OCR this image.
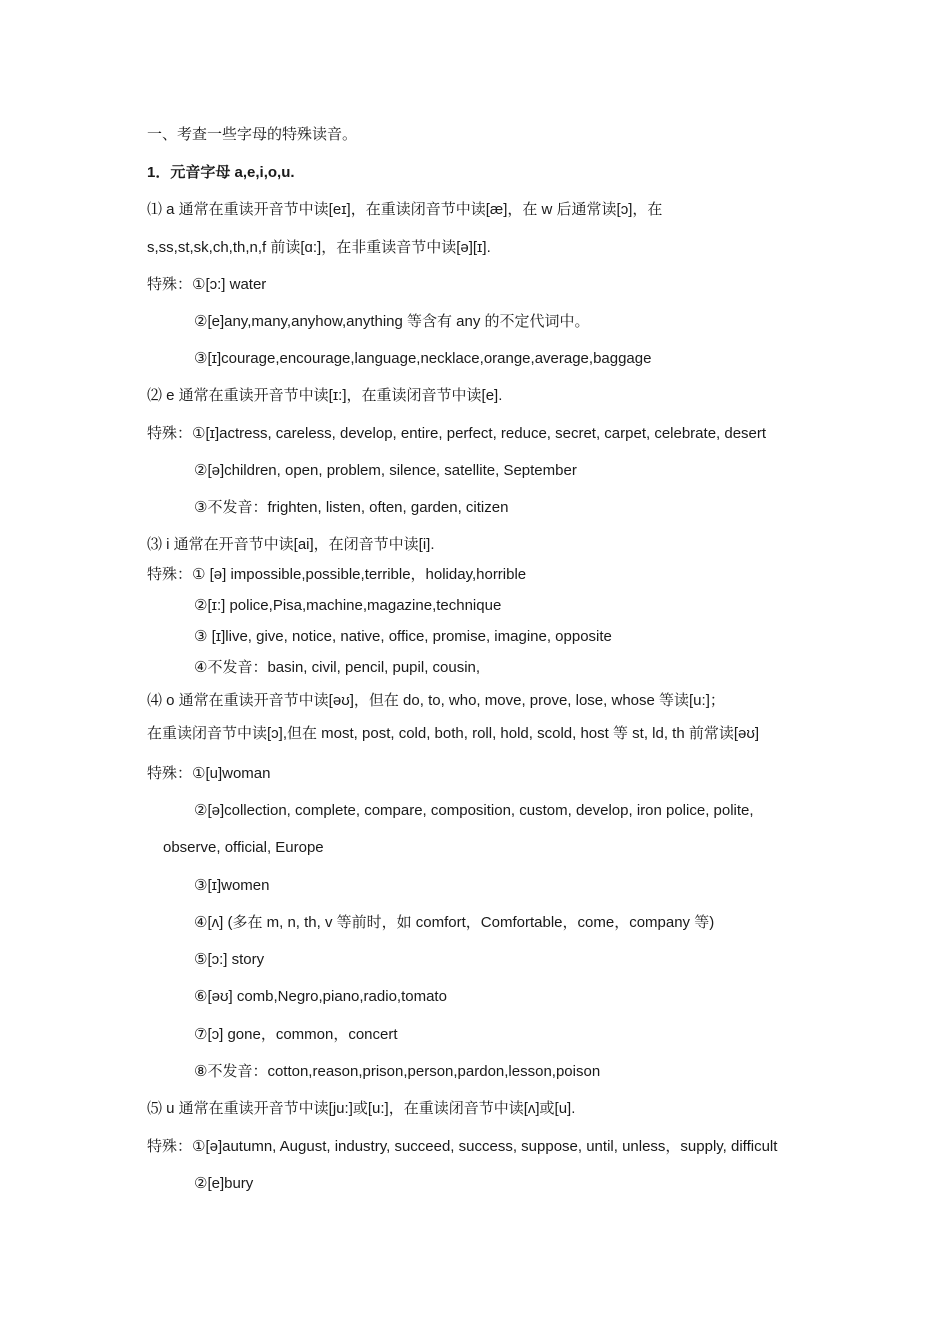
一、考查一些字母的特殊读音。
1．元音字母 a,e,i,o,u.
⑴ a 通常在重读开音节中读[eɪ]，在重读闭音节中读[æ]，在 w 后通常读[ɔ]，在
s,ss,st,sk,ch,th,n,f 前读[ɑ:]，在非重读音节中读[ə][ɪ].
特殊：①[ɔ:] water
②[e]any,many,anyhow,anything 等含有 any 的不定代词中。
③[ɪ]courage,encourage,language,necklace,orange,average,baggage
⑵ e 通常在重读开音节中读[ɪ:]，在重读闭音节中读[e].
特殊：①[ɪ]actress, careless, develop, entire, perfect, reduce, secret, carpet, celebrate, desert
②[ə]children, open, problem, silence, satellite, September
③不发音：frighten, listen, often, garden, citizen
⑶ i 通常在开音节中读[ai]，在闭音节中读[i].
特殊：① [ə] impossible,possible,terrible，holiday,horrible
②[ɪ:] police,Pisa,machine,magazine,technique
③ [ɪ]live, give, notice, native, office, promise, imagine, opposite
④不发音：basin, civil, pencil, pupil, cousin,
⑷ o 通常在重读开音节中读[əʊ]，但在 do, to, who, move, prove, lose, whose 等读[u:]；
在重读闭音节中读[ɔ],但在 most, post, cold, both, roll, hold, scold, host 等 st, ld, th 前常读[əʊ]
特殊：①[u]woman
②[ə]collection, complete, compare, composition, custom, develop, iron police, polite,
observe, official, Europe
③[ɪ]women
④[ʌ] (多在 m, n, th, v 等前时，如 comfort，Comfortable，come，company 等)
⑤[ɔ:] story
⑥[əʊ] comb,Negro,piano,radio,tomato
⑦[ɔ] gone，common，concert
⑧不发音：cotton,reason,prison,person,pardon,lesson,poison
⑸ u 通常在重读开音节中读[ju:]或[u:]，在重读闭音节中读[ʌ]或[u].
特殊：①[ə]autumn, August, industry, succeed, success, suppose, until, unless，supply, difficult
②[e]bury
